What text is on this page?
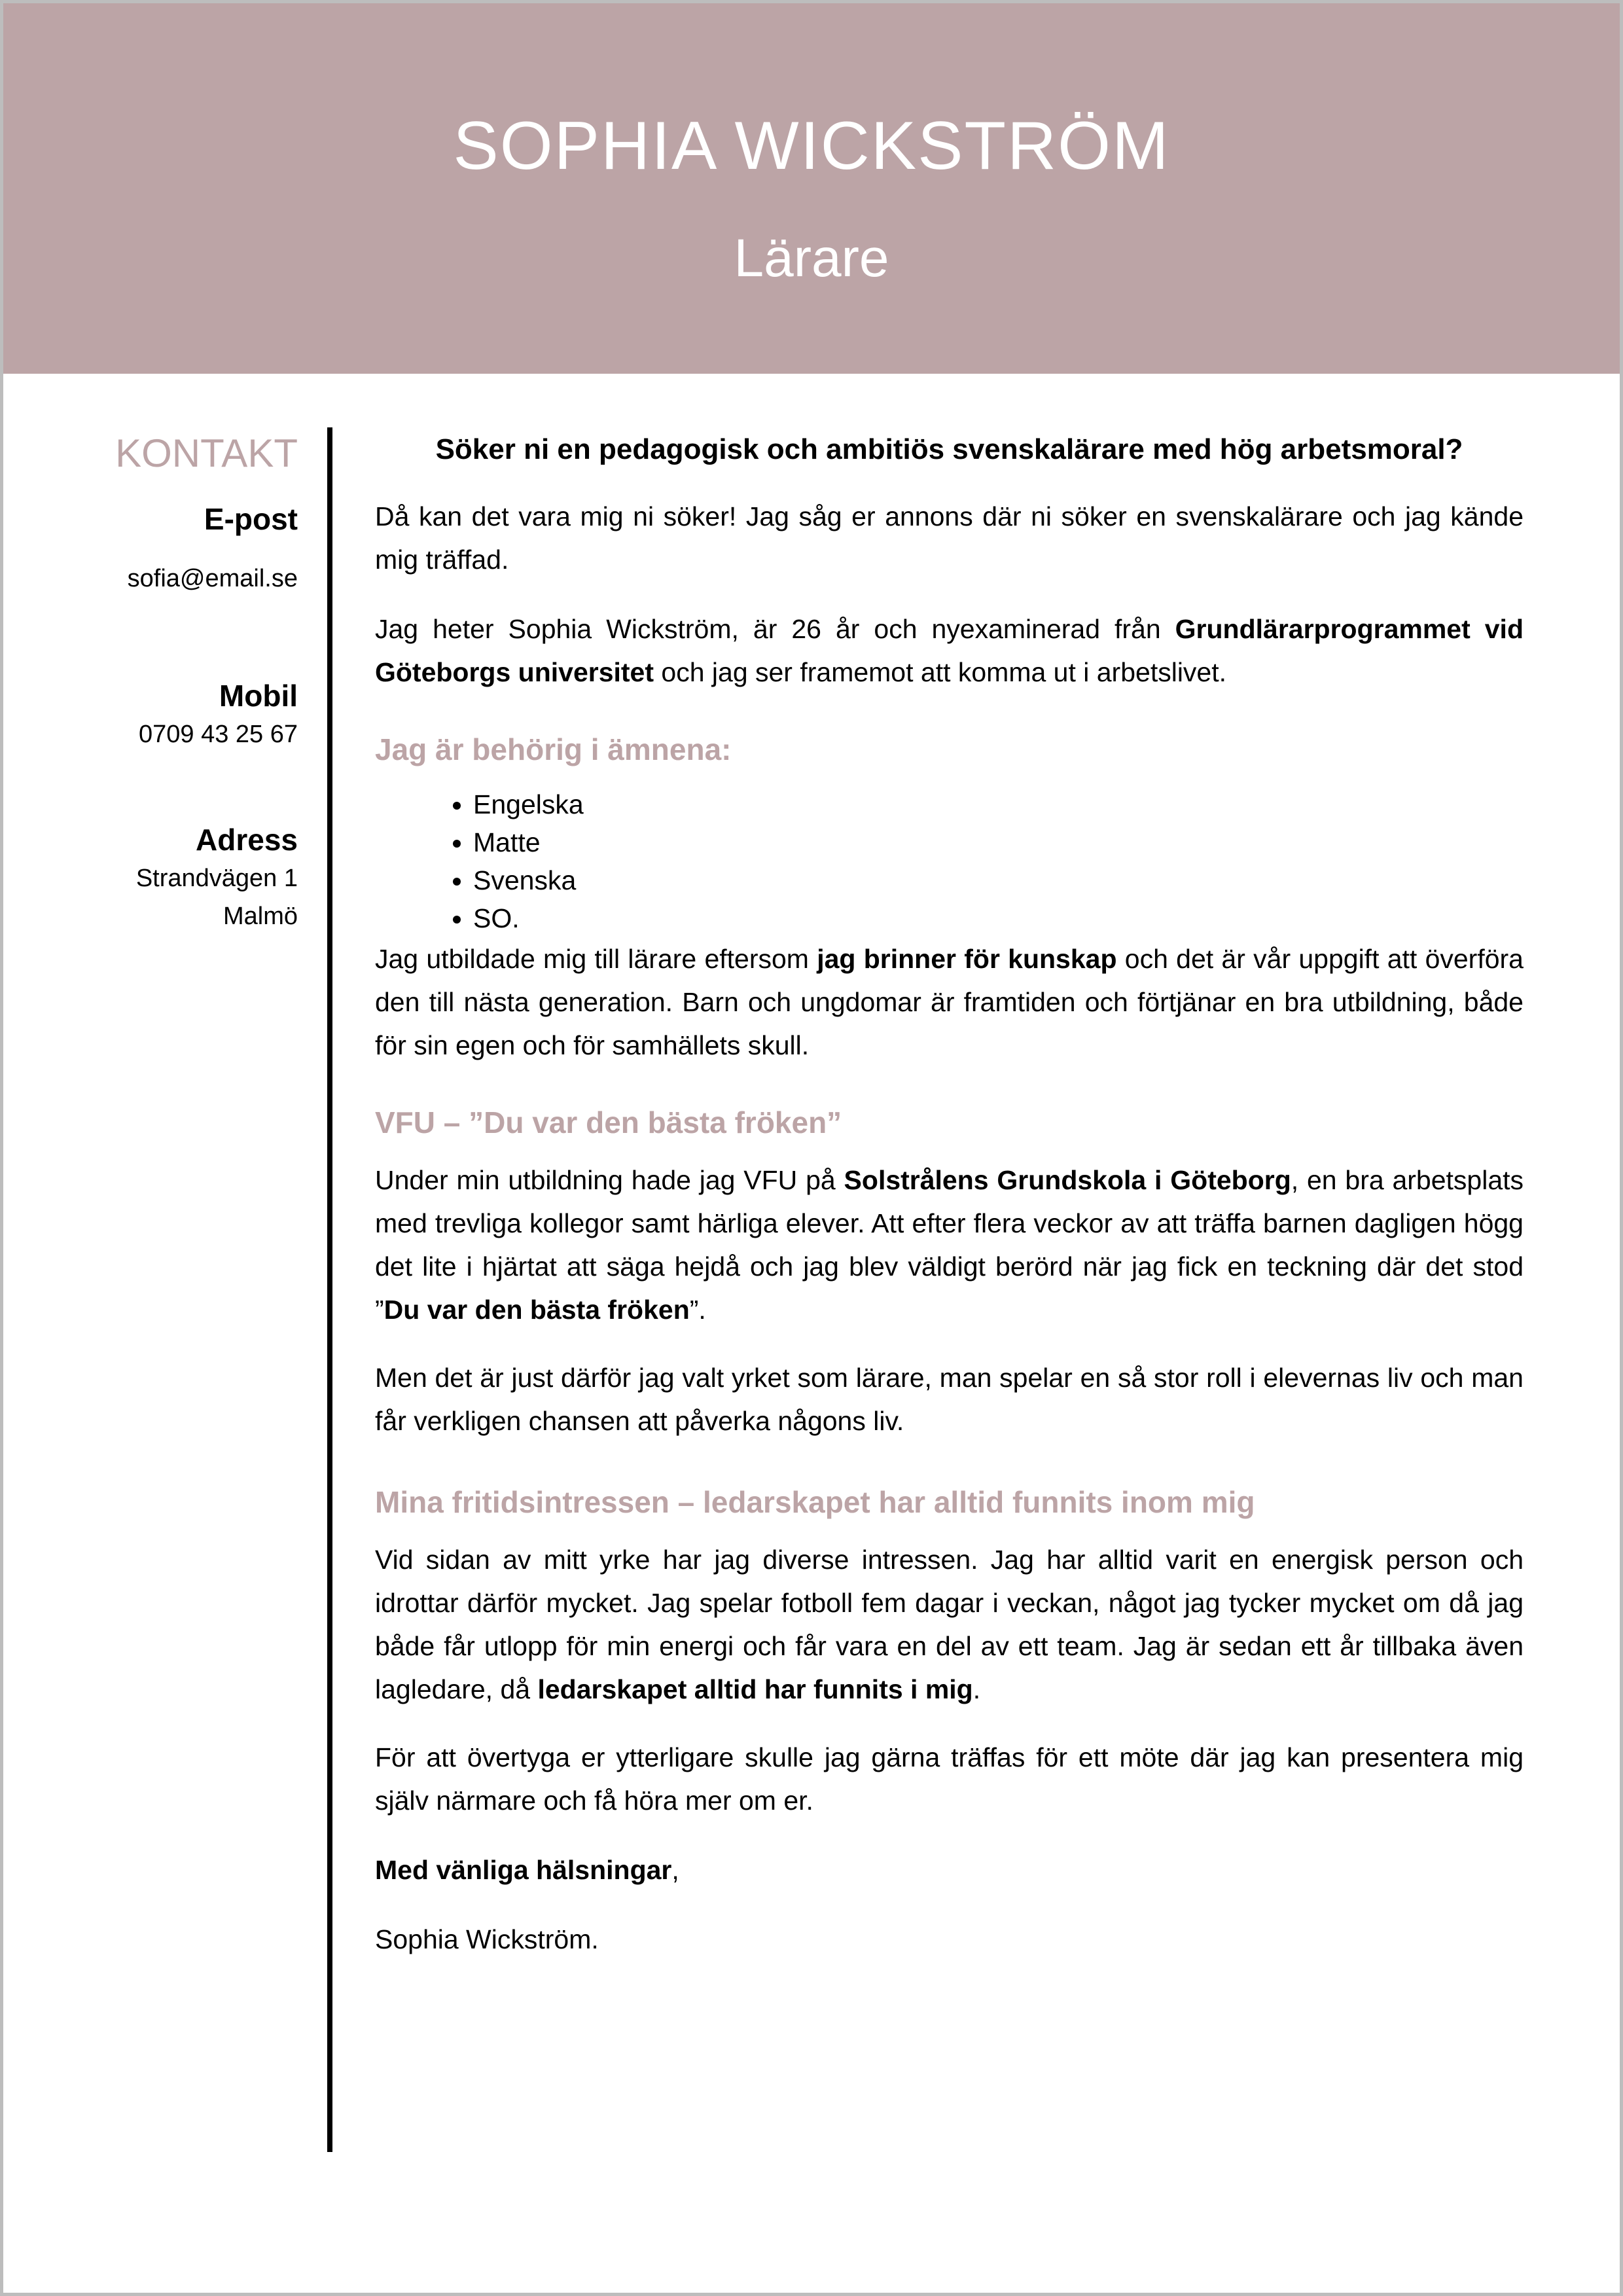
SOPHIA WICKSTRÖM
Lärare
KONTAKT
E-post
sofia@email.se
Mobil
0709 43 25 67
Adress
Strandvägen 1
Malmö

Söker ni en pedagogisk och ambitiös svenskalärare med hög arbetsmoral?

Då kan det vara mig ni söker! Jag såg er annons där ni söker en svenskalärare och jag kände mig träffad.

Jag heter Sophia Wickström, är 26 år och nyexaminerad från Grundlärarprogrammet vid Göteborgs universitet och jag ser framemot att komma ut i arbetslivet.

Jag är behörig i ämnena:

• Engelska
• Matte
• Svenska
• SO.

Jag utbildade mig till lärare eftersom jag brinner för kunskap och det är vår uppgift att överföra den till nästa generation. Barn och ungdomar är framtiden och förtjänar en bra utbildning, både för sin egen och för samhällets skull.

VFU – ”Du var den bästa fröken”

Under min utbildning hade jag VFU på Solstrålens Grundskola i Göteborg, en bra arbetsplats med trevliga kollegor samt härliga elever. Att efter flera veckor av att träffa barnen dagligen högg det lite i hjärtat att säga hejdå och jag blev väldigt berörd när jag fick en teckning där det stod ”Du var den bästa fröken”.

Men det är just därför jag valt yrket som lärare, man spelar en så stor roll i elevernas liv och man får verkligen chansen att påverka någons liv.

Mina fritidsintressen – ledarskapet har alltid funnits inom mig

Vid sidan av mitt yrke har jag diverse intressen. Jag har alltid varit en energisk person och idrottar därför mycket. Jag spelar fotboll fem dagar i veckan, något jag tycker mycket om då jag både får utlopp för min energi och får vara en del av ett team. Jag är sedan ett år tillbaka även lagledare, då ledarskapet alltid har funnits i mig.

För att övertyga er ytterligare skulle jag gärna träffas för ett möte där jag kan presentera mig själv närmare och få höra mer om er.

Med vänliga hälsningar,

Sophia Wickström.
